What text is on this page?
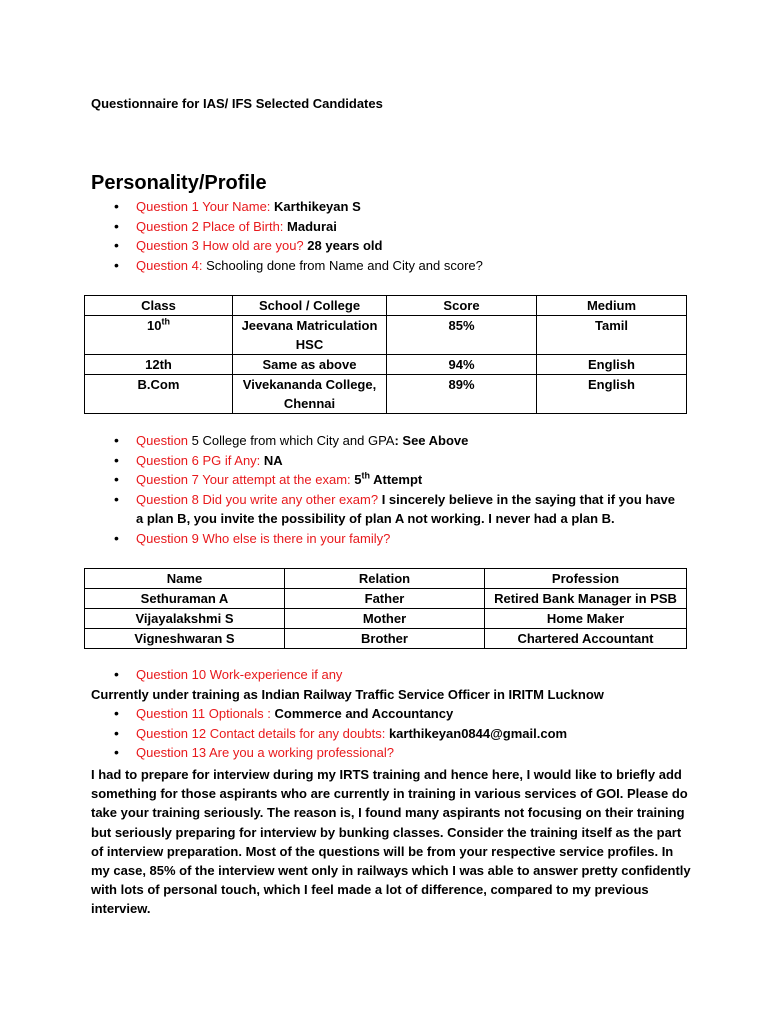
Questionnaire for IAS/ IFS Selected Candidates
Personality/Profile
• Question 1 Your Name: Karthikeyan S
• Question 2 Place of Birth: Madurai
• Question 3 How old are you? 28 years old
• Question 4: Schooling done from Name and City and score?
Class	School / College	Score	Medium
10th	Jeevana Matriculation HSC	85%	Tamil
12th	Same as above	94%	English
B.Com	Vivekananda College, Chennai	89%	English
• Question 5 College from which City and GPA: See Above
• Question 6 PG if Any: NA
• Question 7 Your attempt at the exam: 5th Attempt
• Question 8 Did you write any other exam? I sincerely believe in the saying that if you have a plan B, you invite the possibility of plan A not working. I never had a plan B.
• Question 9 Who else is there in your family?
Name	Relation	Profession
Sethuraman A	Father	Retired Bank Manager in PSB
Vijayalakshmi S	Mother	Home Maker
Vigneshwaran S	Brother	Chartered Accountant
• Question 10 Work-experience if any
Currently under training as Indian Railway Traffic Service Officer in IRITM Lucknow
• Question 11 Optionals : Commerce and Accountancy
• Question 12 Contact details for any doubts: karthikeyan0844@gmail.com
• Question 13 Are you a working professional?
I had to prepare for interview during my IRTS training and hence here, I would like to briefly add something for those aspirants who are currently in training in various services of GOI. Please do take your training seriously. The reason is, I found many aspirants not focusing on their training but seriously preparing for interview by bunking classes. Consider the training itself as the part of interview preparation. Most of the questions will be from your respective service profiles. In my case, 85% of the interview went only in railways which I was able to answer pretty confidently with lots of personal touch, which I feel made a lot of difference, compared to my previous interview.
